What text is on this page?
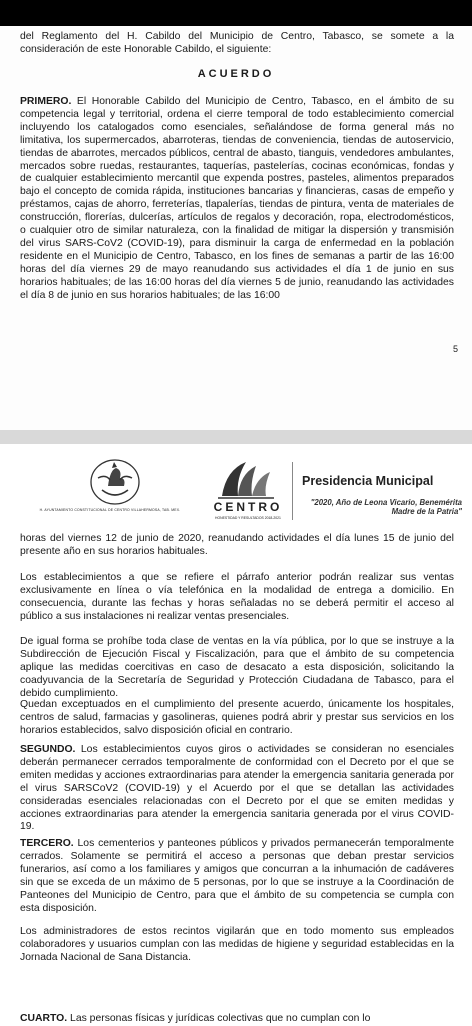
del Reglamento del H. Cabildo del Municipio de Centro, Tabasco, se somete a la consideración de este Honorable Cabildo, el siguiente:
ACUERDO
PRIMERO. El Honorable Cabildo del Municipio de Centro, Tabasco, en el ámbito de su competencia legal y territorial, ordena el cierre temporal de todo establecimiento comercial incluyendo los catalogados como esenciales, señalándose de forma general más no limitativa, los supermercados, abarroteras, tiendas de conveniencia, tiendas de autoservicio, tiendas de abarrotes, mercados públicos, central de abasto, tianguis, vendedores ambulantes, mercados sobre ruedas, restaurantes, taquerías, pastelerías, cocinas económicas, fondas y de cualquier establecimiento mercantil que expenda postres, pasteles, alimentos preparados bajo el concepto de comida rápida, instituciones bancarias y financieras, casas de empeño y préstamos, cajas de ahorro, ferreterías, tlapalerías, tiendas de pintura, venta de materiales de construcción, florerías, dulcerías, artículos de regalos y decoración, ropa, electrodomésticos, o cualquier otro de similar naturaleza, con la finalidad de mitigar la dispersión y transmisión del virus SARS-CoV2 (COVID-19), para disminuir la carga de enfermedad en la población residente en el Municipio de Centro, Tabasco, en los fines de semanas a partir de las 16:00 horas del día viernes 29 de mayo reanudando sus actividades el día 1 de junio en sus horarios habituales; de las 16:00 horas del día viernes 5 de junio, reanudando las actividades el día 8 de junio en sus horarios habituales; de las 16:00
5
H. AYUNTAMIENTO CONSTITUCIONAL DE CENTRO VILLAHERMOSA, TAB. MEX.	CENTRO
HONESTIDAD Y RESULTADOS 2018-2021
Presidencia Municipal
"2020, Año de Leona Vicario, Benemérita Madre de la Patria"
horas del viernes 12 de junio de 2020, reanudando actividades el día lunes 15 de junio del presente año en sus horarios habituales.
Los establecimientos a que se refiere el párrafo anterior podrán realizar sus ventas exclusivamente en línea o vía telefónica en la modalidad de entrega a domicilio. En consecuencia, durante las fechas y horas señaladas no se deberá permitir el acceso al público a sus instalaciones ni realizar ventas presenciales.
De igual forma se prohíbe toda clase de ventas en la vía pública, por lo que se instruye a la Subdirección de Ejecución Fiscal y Fiscalización, para que el ámbito de su competencia aplique las medidas coercitivas en caso de desacato a esta disposición, solicitando la coadyuvancia de la Secretaría de Seguridad y Protección Ciudadana de Tabasco, para el debido cumplimiento.
Quedan exceptuados en el cumplimiento del presente acuerdo, únicamente los hospitales, centros de salud, farmacias y gasolineras, quienes podrá abrir y prestar sus servicios en los horarios establecidos, salvo disposición oficial en contrario.
SEGUNDO. Los establecimientos cuyos giros o actividades se consideran no esenciales deberán permanecer cerrados temporalmente de conformidad con el Decreto por el que se emiten medidas y acciones extraordinarias para atender la emergencia sanitaria generada por el virus SARSCoV2 (COVID-19) y el Acuerdo por el que se detallan las actividades consideradas esenciales relacionadas con el Decreto por el que se emiten medidas y acciones extraordinarias para atender la emergencia sanitaria generada por el virus COVID-19.
TERCERO. Los cementerios y panteones públicos y privados permanecerán temporalmente cerrados. Solamente se permitirá el acceso a personas que deban prestar servicios funerarios, así como a los familiares y amigos que concurran a la inhumación de cadáveres sin que se exceda de un máximo de 5 personas, por lo que se instruye a la Coordinación de Panteones del Municipio de Centro, para que el ámbito de su competencia se cumpla con esta disposición.
Los administradores de estos recintos vigilarán que en todo momento sus empleados colaboradores y usuarios cumplan con las medidas de higiene y seguridad establecidas en la Jornada Nacional de Sana Distancia.
CUARTO. Las personas físicas y jurídicas colectivas que no cumplan con lo
